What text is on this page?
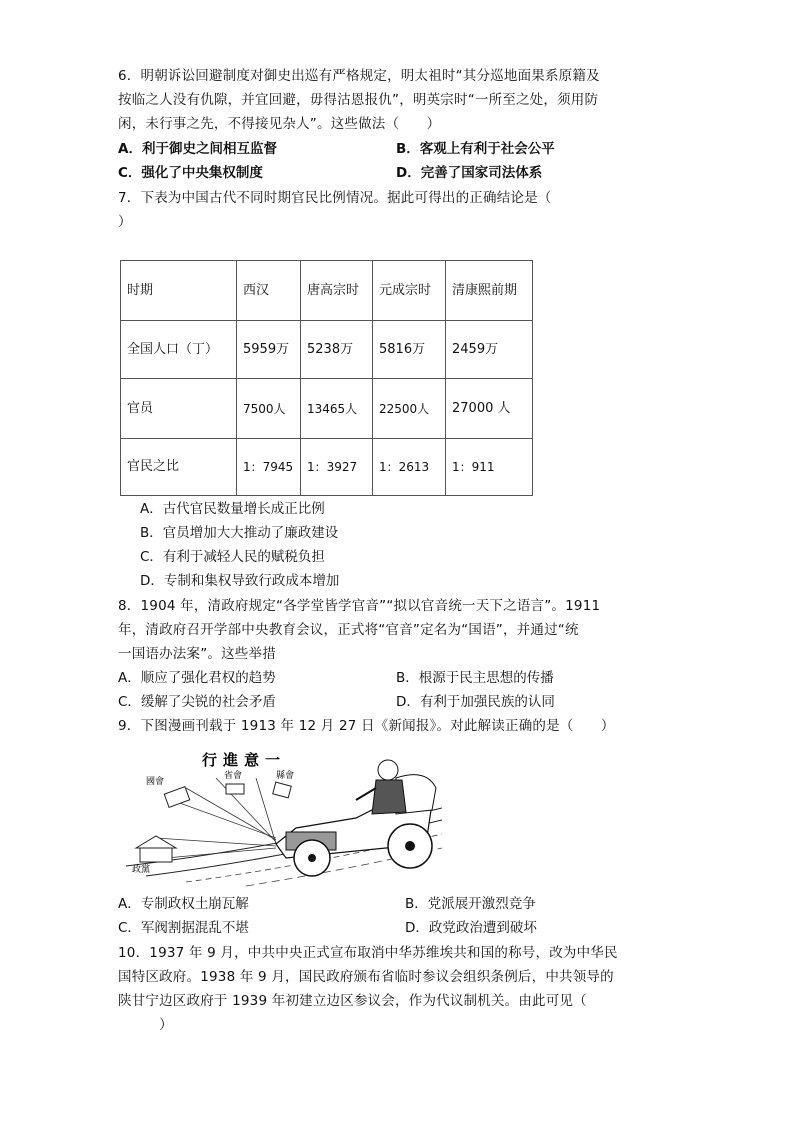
6．明朝诉讼回避制度对御史出巡有严格规定，明太祖时“其分巡地面果系原籍及
按临之人没有仇隙，并宜回避，毋得沽恩报仇”，明英宗时“一所至之处，须用防
闲，未行事之先，不得接见杂人”。这些做法（　　）
A．利于御史之间相互监督	B．客观上有利于社会公平
C．强化了中央集权制度	D．完善了国家司法体系
7．下表为中国古代不同时期官民比例情况。据此可得出的正确结论是（
）
时期	西汉	唐高宗时	元成宗时	清康熙前期
全国人口（丁）	5959万	5238万	5816万	2459万
官员	7500人	13465人	22500人	27000 人
官民之比	1：7945	1：3927	1：2613	1：911
A．古代官民数量增长成正比例
B．官员增加大大推动了廉政建设
C．有利于减轻人民的赋税负担
D．专制和集权导致行政成本增加
8．1904 年，清政府规定“各学堂皆学官音”“拟以官音统一天下之语言”。1911
年，清政府召开学部中央教育会议，正式将“官音”定名为“国语”，并通过“统
一国语办法案”。这些举措
A．顺应了强化君权的趋势	B．根源于民主思想的传播
C．缓解了尖锐的社会矛盾	D．有利于加强民族的认同
9．下图漫画刊载于 1913 年 12 月 27 日《新闻报》。对此解读正确的是（　　）
行進意一
國會
省會	縣會
政黨
A．专制政权土崩瓦解	B．党派展开激烈竞争
C．军阀割据混乱不堪	D．政党政治遭到破坏
10．1937 年 9 月，中共中央正式宣布取消中华苏维埃共和国的称号，改为中华民
国特区政府。1938 年 9 月，国民政府颁布省临时参议会组织条例后，中共领导的
陕甘宁边区政府于 1939 年初建立边区参议会，作为代议制机关。由此可见（
　　　）
